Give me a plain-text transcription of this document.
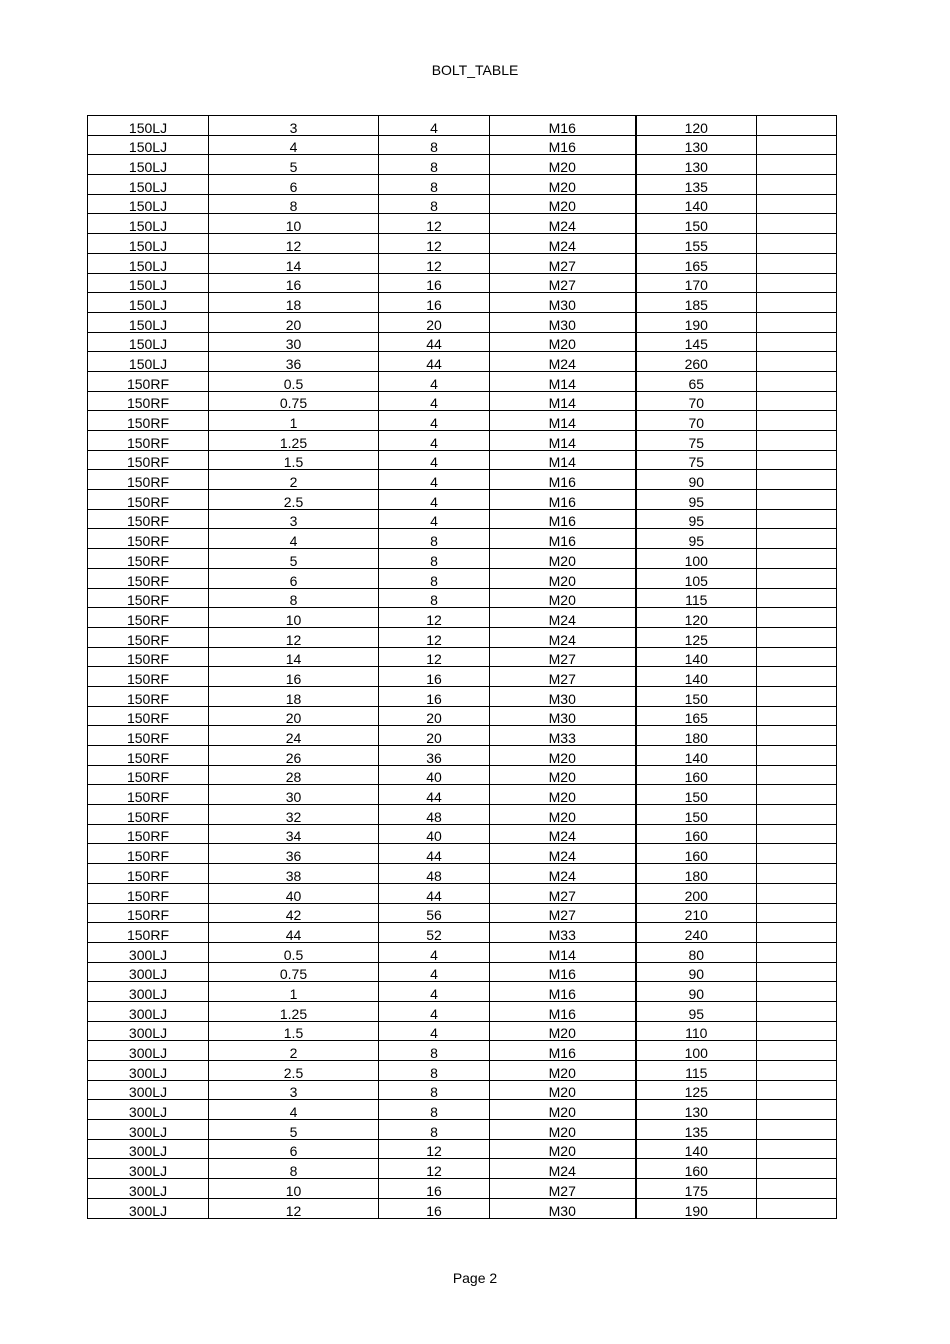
BOLT_TABLE
150LJ	3	4	M16	120	
150LJ	4	8	M16	130	
150LJ	5	8	M20	130	
150LJ	6	8	M20	135	
150LJ	8	8	M20	140	
150LJ	10	12	M24	150	
150LJ	12	12	M24	155	
150LJ	14	12	M27	165	
150LJ	16	16	M27	170	
150LJ	18	16	M30	185	
150LJ	20	20	M30	190	
150LJ	30	44	M20	145	
150LJ	36	44	M24	260	
150RF	0.5	4	M14	65	
150RF	0.75	4	M14	70	
150RF	1	4	M14	70	
150RF	1.25	4	M14	75	
150RF	1.5	4	M14	75	
150RF	2	4	M16	90	
150RF	2.5	4	M16	95	
150RF	3	4	M16	95	
150RF	4	8	M16	95	
150RF	5	8	M20	100	
150RF	6	8	M20	105	
150RF	8	8	M20	115	
150RF	10	12	M24	120	
150RF	12	12	M24	125	
150RF	14	12	M27	140	
150RF	16	16	M27	140	
150RF	18	16	M30	150	
150RF	20	20	M30	165	
150RF	24	20	M33	180	
150RF	26	36	M20	140	
150RF	28	40	M20	160	
150RF	30	44	M20	150	
150RF	32	48	M20	150	
150RF	34	40	M24	160	
150RF	36	44	M24	160	
150RF	38	48	M24	180	
150RF	40	44	M27	200	
150RF	42	56	M27	210	
150RF	44	52	M33	240	
300LJ	0.5	4	M14	80	
300LJ	0.75	4	M16	90	
300LJ	1	4	M16	90	
300LJ	1.25	4	M16	95	
300LJ	1.5	4	M20	110	
300LJ	2	8	M16	100	
300LJ	2.5	8	M20	115	
300LJ	3	8	M20	125	
300LJ	4	8	M20	130	
300LJ	5	8	M20	135	
300LJ	6	12	M20	140	
300LJ	8	12	M24	160	
300LJ	10	16	M27	175	
300LJ	12	16	M30	190	
Page 2
